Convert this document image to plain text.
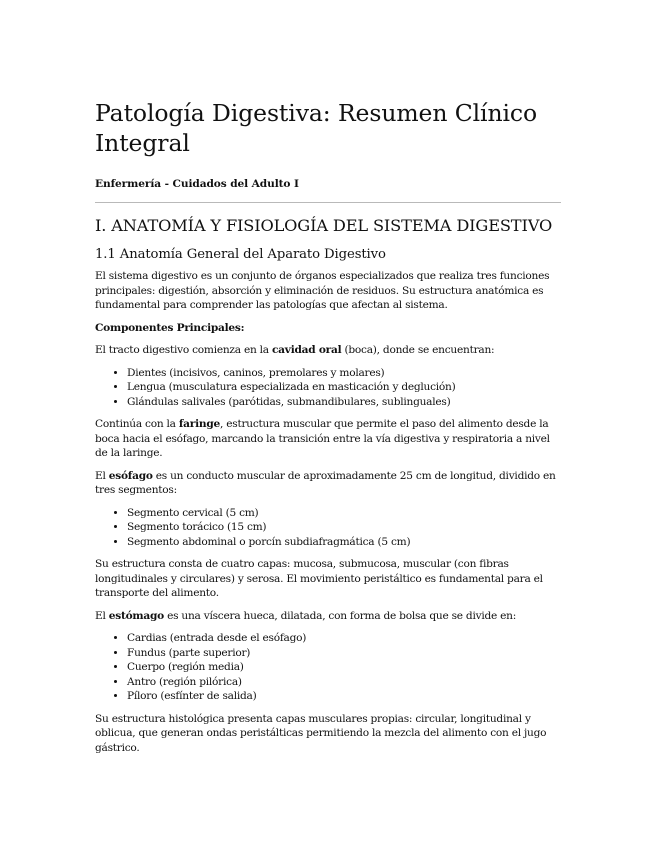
Patología Digestiva: Resumen Clínico Integral
Enfermería - Cuidados del Adulto I
I. ANATOMÍA Y FISIOLOGÍA DEL SISTEMA DIGESTIVO
1.1 Anatomía General del Aparato Digestivo

El sistema digestivo es un conjunto de órganos especializados que realiza tres funciones principales: digestión, absorción y eliminación de residuos. Su estructura anatómica es fundamental para comprender las patologías que afectan al sistema.

Componentes Principales:

El tracto digestivo comienza en la cavidad oral (boca), donde se encuentran:

• Dientes (incisivos, caninos, premolares y molares)
• Lengua (musculatura especializada en masticación y deglución)
• Glándulas salivales (parótidas, submandibulares, sublinguales)

Continúa con la faringe, estructura muscular que permite el paso del alimento desde la boca hacia el esófago, marcando la transición entre la vía digestiva y respiratoria a nivel de la laringe.

El esófago es un conducto muscular de aproximadamente 25 cm de longitud, dividido en tres segmentos:

• Segmento cervical (5 cm)
• Segmento torácico (15 cm)
• Segmento abdominal o porcín subdiafragmática (5 cm)

Su estructura consta de cuatro capas: mucosa, submucosa, muscular (con fibras longitudinales y circulares) y serosa. El movimiento peristáltico es fundamental para el transporte del alimento.

El estómago es una víscera hueca, dilatada, con forma de bolsa que se divide en:

• Cardias (entrada desde el esófago)
• Fundus (parte superior)
• Cuerpo (región media)
• Antro (región pilórica)
• Píloro (esfínter de salida)

Su estructura histológica presenta capas musculares propias: circular, longitudinal y oblicua, que generan ondas peristálticas permitiendo la mezcla del alimento con el jugo gástrico.
